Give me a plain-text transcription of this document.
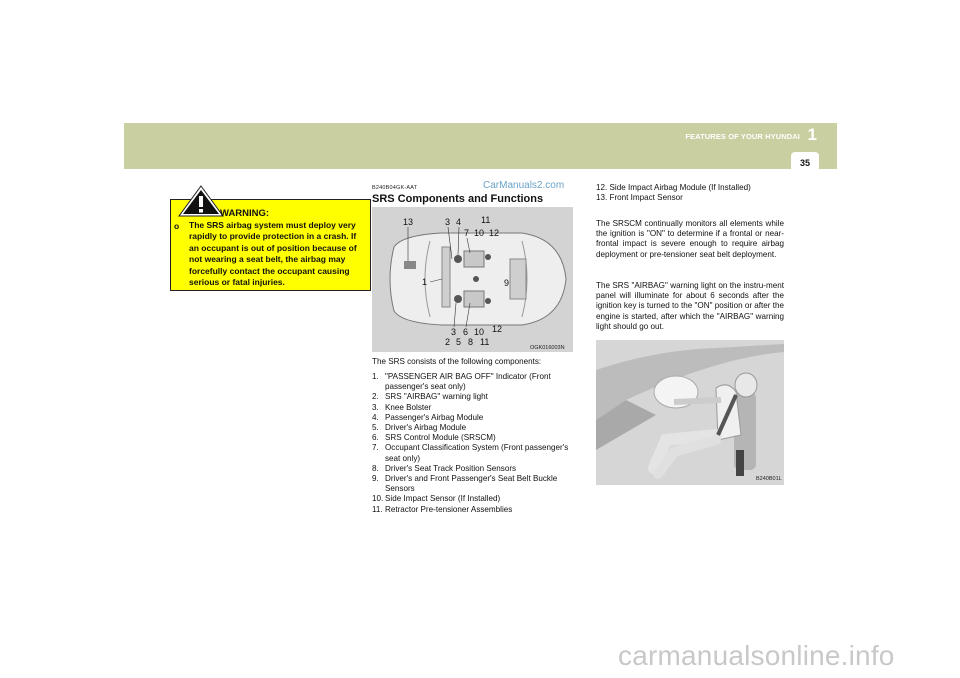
FEATURES OF YOUR HYUNDAI 1
35
WARNING:
o The SRS airbag system must deploy very rapidly to provide protection in a crash. If an occupant is out of position because of not wearing a seat belt, the airbag may forcefully contact the occupant causing serious or fatal injuries.
B240B04GK-AAT	CarManuals2.com
SRS Components and Functions
13	3 4 11
7 10 12
1	9
3 6 10 12
2 5 8 11
OGK016003N
The SRS consists of the following components:
1. "PASSENGER AIR BAG OFF" Indicator (Front passenger's seat only)
2. SRS "AIRBAG" warning light
3. Knee Bolster
4. Passenger's Airbag Module
5. Driver's Airbag Module
6. SRS Control Module (SRSCM)
7. Occupant Classification System (Front passenger's seat only)
8. Driver's Seat Track Position Sensors
9. Driver's and Front Passenger's Seat Belt Buckle Sensors
10. Side Impact Sensor (If Installed)
11. Retractor Pre-tensioner Assemblies
12. Side Impact Airbag Module (If Installed)
13. Front Impact Sensor
The SRSCM continually monitors all elements while the ignition is "ON" to determine if a frontal or near-frontal impact is severe enough to require airbag deployment or pre-tensioner seat belt deployment.
The SRS "AIRBAG" warning light on the instru-ment panel will illuminate for about 6 seconds after the ignition key is turned to the "ON" position or after the engine is started, after which the "AIRBAG" warning light should go out.
B240B01L
carmanualsonline.info
